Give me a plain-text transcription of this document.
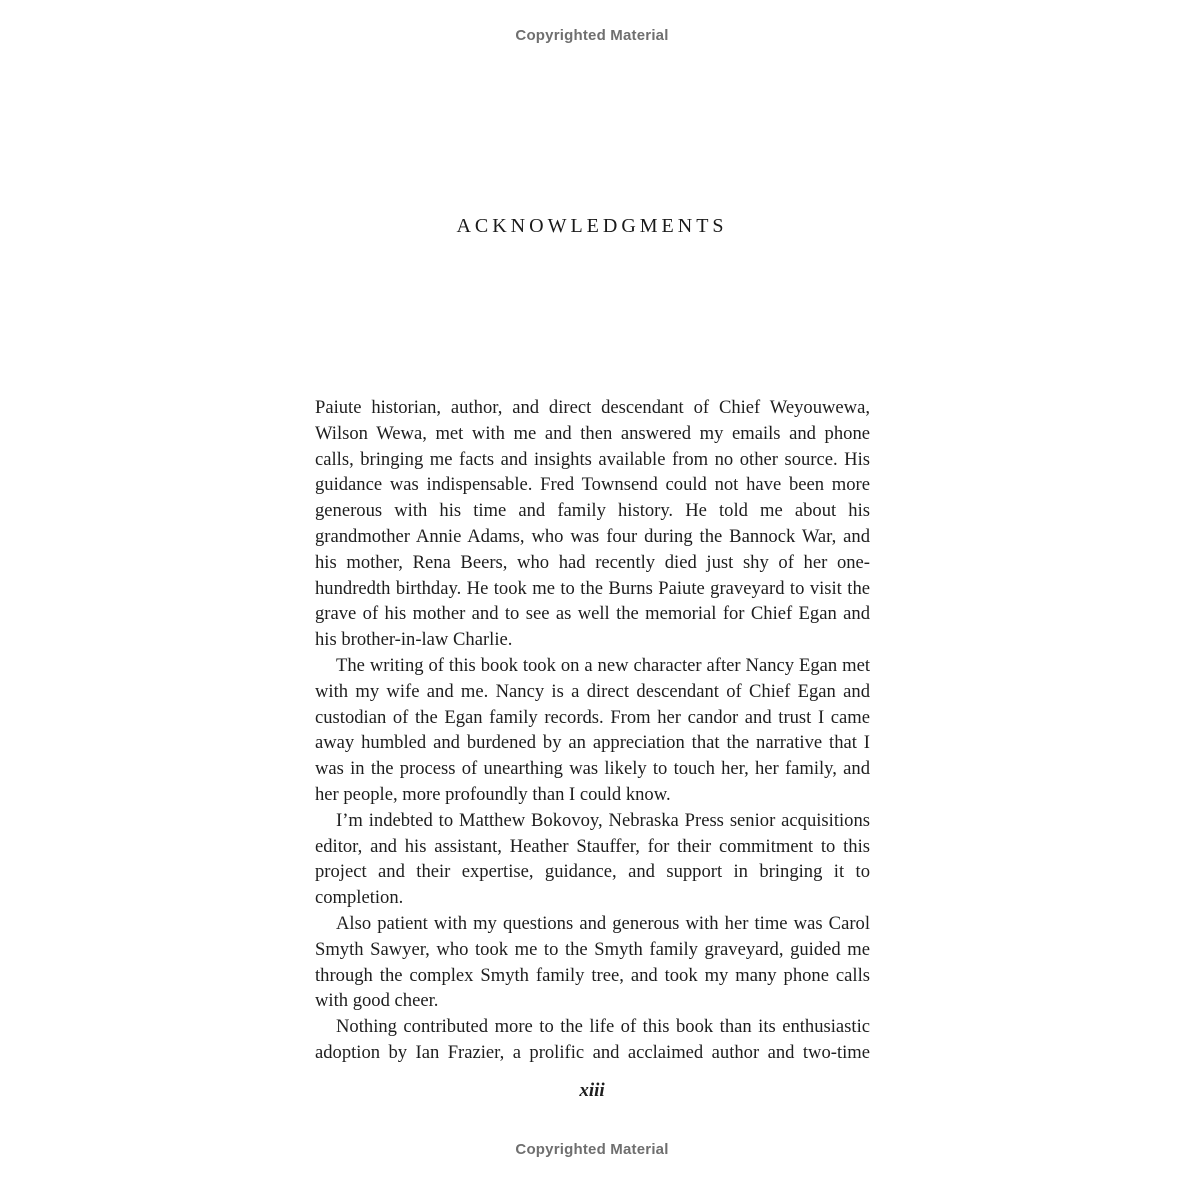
Copyrighted Material
ACKNOWLEDGMENTS

Paiute historian, author, and direct descendant of Chief Weyouwewa, Wilson Wewa, met with me and then answered my emails and phone calls, bringing me facts and insights available from no other source. His guidance was indispensable. Fred Townsend could not have been more generous with his time and family history. He told me about his grandmother Annie Adams, who was four during the Bannock War, and his mother, Rena Beers, who had recently died just shy of her one-hundredth birthday. He took me to the Burns Paiute graveyard to visit the grave of his mother and to see as well the memorial for Chief Egan and his brother-in-law Charlie.

The writing of this book took on a new character after Nancy Egan met with my wife and me. Nancy is a direct descendant of Chief Egan and custodian of the Egan family records. From her candor and trust I came away humbled and burdened by an appreciation that the narrative that I was in the process of unearthing was likely to touch her, her family, and her people, more profoundly than I could know.

I’m indebted to Matthew Bokovoy, Nebraska Press senior acquisitions editor, and his assistant, Heather Stauffer, for their commitment to this project and their expertise, guidance, and support in bringing it to completion.

Also patient with my questions and generous with her time was Carol Smyth Sawyer, who took me to the Smyth family graveyard, guided me through the complex Smyth family tree, and took my many phone calls with good cheer.

Nothing contributed more to the life of this book than its enthusiastic adoption by Ian Frazier, a prolific and acclaimed author and two-time

xiii
Copyrighted Material
